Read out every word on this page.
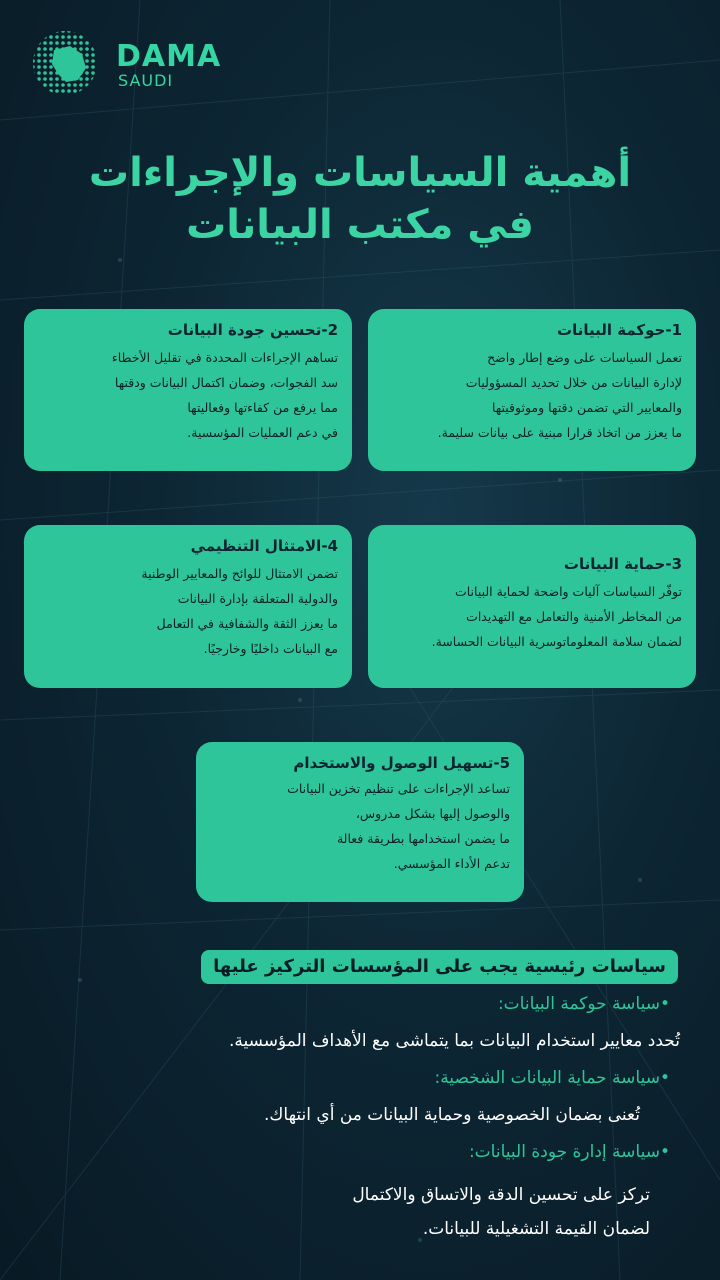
DAMA
SAUDI
أهمية السياسات والإجراءات
في مكتب البيانات
1-حوكمة البيانات
تعمل السياسات على وضع إطار واضح
لإدارة البيانات من خلال تحديد المسؤوليات
والمعايير التي تضمن دقتها وموثوقيتها
ما يعزز من اتخاذ قرارا مبنية على بيانات سليمة.
2-تحسين جودة البيانات
تساهم الإجراءات المحددة في تقليل الأخطاء
سد الفجوات، وضمان اكتمال البيانات ودقتها
مما يرفع من كفاءتها وفعاليتها
في دعم العمليات المؤسسية.
3-حماية البيانات
توفّر السياسات آليات واضحة لحماية البيانات
من المخاطر الأمنية والتعامل مع التهديدات
لضمان سلامة المعلوماتوسرية البيانات الحساسة.
4-الامتثال التنظيمي
تضمن الامتثال للوائح والمعايير الوطنية
والدولية المتعلقة بإدارة البيانات
ما يعزز الثقة والشفافية في التعامل
مع البيانات داخليًا وخارجيًا.
5-تسهيل الوصول والاستخدام
تساعد الإجراءات على تنظيم تخزين البيانات
والوصول إليها بشكل مدروس،
ما يضمن استخدامها بطريقة فعالة
تدعم الأداء المؤسسي.
سياسات رئيسية يجب على المؤسسات التركيز عليها
•سياسة حوكمة البيانات:
تُحدد معايير استخدام البيانات بما يتماشى مع الأهداف المؤسسية.
•سياسة حماية البيانات الشخصية:
تُعنى بضمان الخصوصية وحماية البيانات من أي انتهاك.
•سياسة إدارة جودة البيانات:
تركز على تحسين الدقة والاتساق والاكتمال
لضمان القيمة التشغيلية للبيانات.
